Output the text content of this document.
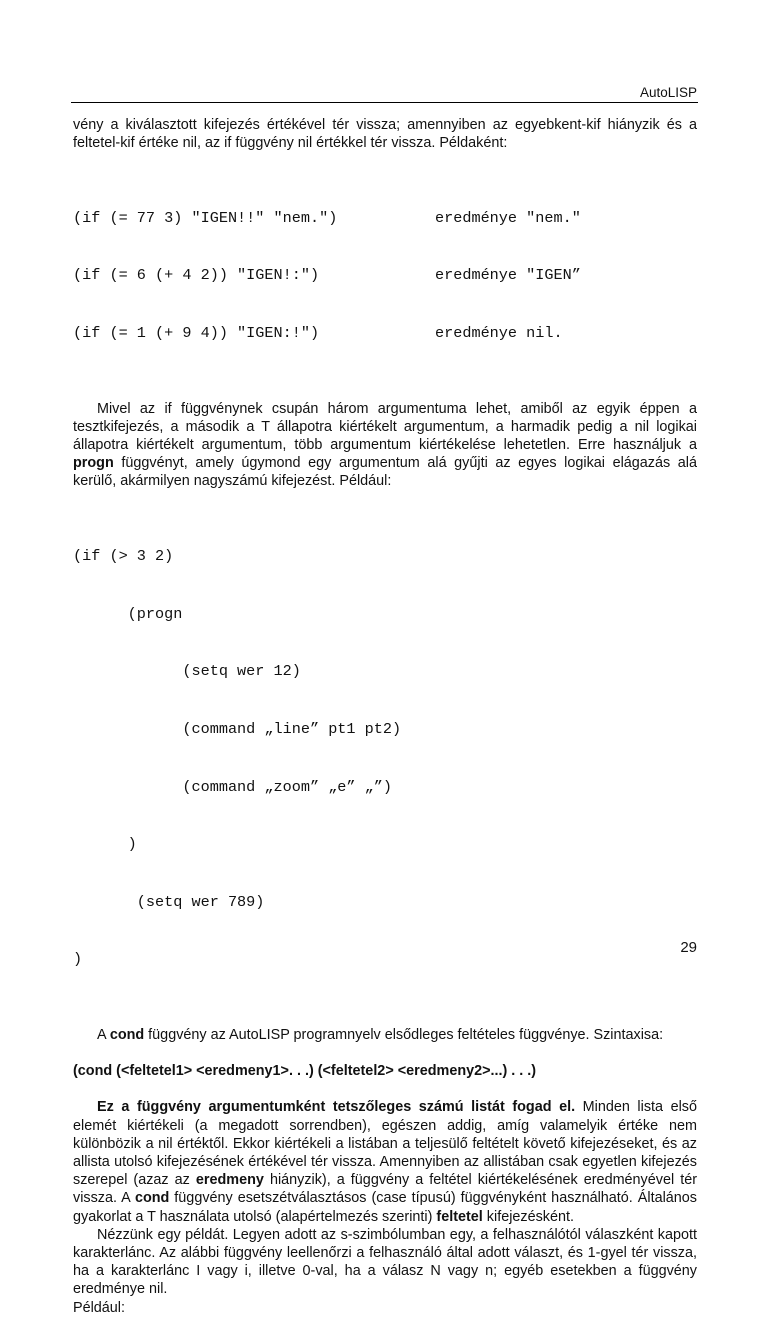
AutoLISP

vény a kiválasztott kifejezés értékével tér vissza; amennyiben az egyebkent-kif hiányzik és a feltetel-kif értéke nil, az if függvény nil értékkel tér vissza. Példaként:

(if (= 77 3) "IGEN!!" "nem.")	eredménye "nem."

(if (= 6 (+ 4 2)) "IGEN!:")	eredménye "IGEN”

(if (= 1 (+ 9 4)) "IGEN:!")	eredménye nil.

Mivel az if függvénynek csupán három argumentuma lehet, amiből az egyik éppen a tesztkifejezés, a második a T állapotra kiértékelt argumentum, a harmadik pedig a nil logikai állapotra kiértékelt argumentum, több argumentum kiértékelése lehetetlen. Erre használjuk a progn függvényt, amely úgymond egy argumentum alá gyűjti az egyes logikai elágazás alá kerülő, akármilyen nagyszámú kifejezést. Például:

(if (> 3 2)

(progn

(setq wer 12)

(command „line” pt1 pt2)

(command „zoom” „e” „”)

)

(setq wer 789)

)

A cond függvény az AutoLISP programnyelv elsődleges feltételes függvénye. Szintaxisa:

(cond (<feltetel1> <eredmeny1>. . .) (<feltetel2> <eredmeny2>...) . . .)

Ez a függvény argumentumként tetszőleges számú listát fogad el. Minden lista első elemét kiértékeli (a megadott sorrendben), egészen addig, amíg valamelyik értéke nem különbözik a nil értéktől. Ekkor kiértékeli a listában a teljesülő feltételt követő kifejezéseket, és az allista utolsó kifejezésének értékével tér vissza. Amennyiben az allistában csak egyetlen kifejezés szerepel (azaz az eredmeny hiányzik), a függvény a feltétel kiértékelésének eredményével tér vissza. A cond függvény esetszétválasztásos (case típusú) függvényként használható. Általános gyakorlat a T használata utolsó (alapértelmezés szerinti) feltetel kifejezésként.

Nézzünk egy példát. Legyen adott az s-szimbólumban egy, a felhasználótól válaszként kapott karakterlánc. Az alábbi függvény leellenőrzi a felhasználó által adott választ, és 1-gyel tér vissza, ha a karakterlánc I vagy i, illetve 0-val, ha a válasz N vagy n; egyéb esetekben a függvény eredménye nil.

Például:

29
